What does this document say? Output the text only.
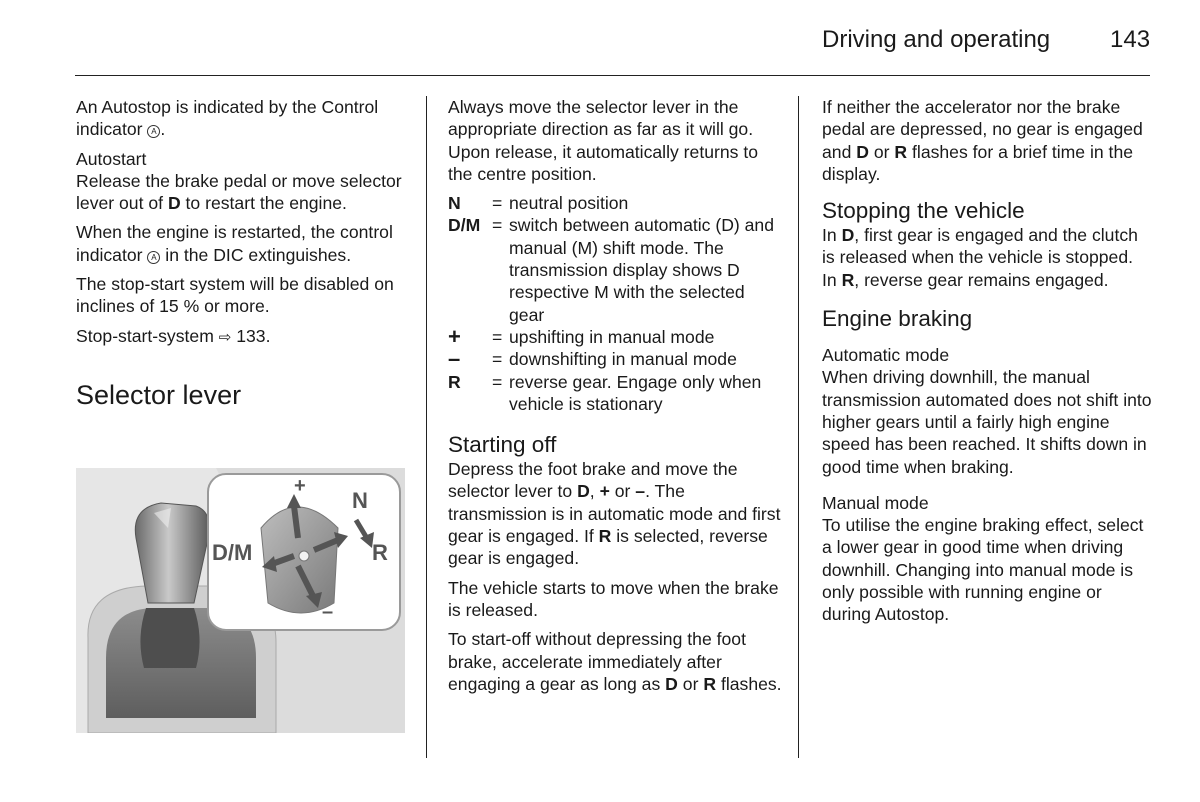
Driving and operating 143

An Autostop is indicated by the Control indicator A .

Autostart

Release the brake pedal or move selector lever out of D to restart the engine.

When the engine is restarted, the control indicator A in the DIC extinguishes.

The stop-start system will be disabled on inclines of 15 % or more.

Stop-start-system ⇨ 133.

Selector lever
+
–
D/M
N
R

Always move the selector lever in the appropriate direction as far as it will go. Upon release, it automatically returns to the centre position.

N	= neutral position
D/M = switch between automatic (D) and manual (M) shift mode. The transmission display shows D respective M with the selected gear
+	= upshifting in manual mode
–	= downshifting in manual mode
R	= reverse gear. Engage only when vehicle is stationary
Starting off

Depress the foot brake and move the selector lever to D, + or –. The transmission is in automatic mode and first gear is engaged. If R is selected, reverse gear is engaged.

The vehicle starts to move when the brake is released.

To start-off without depressing the foot brake, accelerate immediately after engaging a gear as long as D or R flashes.

If neither the accelerator nor the brake pedal are depressed, no gear is engaged and D or R flashes for a brief time in the display.

Stopping the vehicle

In D, first gear is engaged and the clutch is released when the vehicle is stopped. In R, reverse gear remains engaged.

Engine braking
Automatic mode

When driving downhill, the manual transmission automated does not shift into higher gears until a fairly high engine speed has been reached. It shifts down in good time when braking.

Manual mode

To utilise the engine braking effect, select a lower gear in good time when driving downhill. Changing into manual mode is only possible with running engine or during Autostop.
